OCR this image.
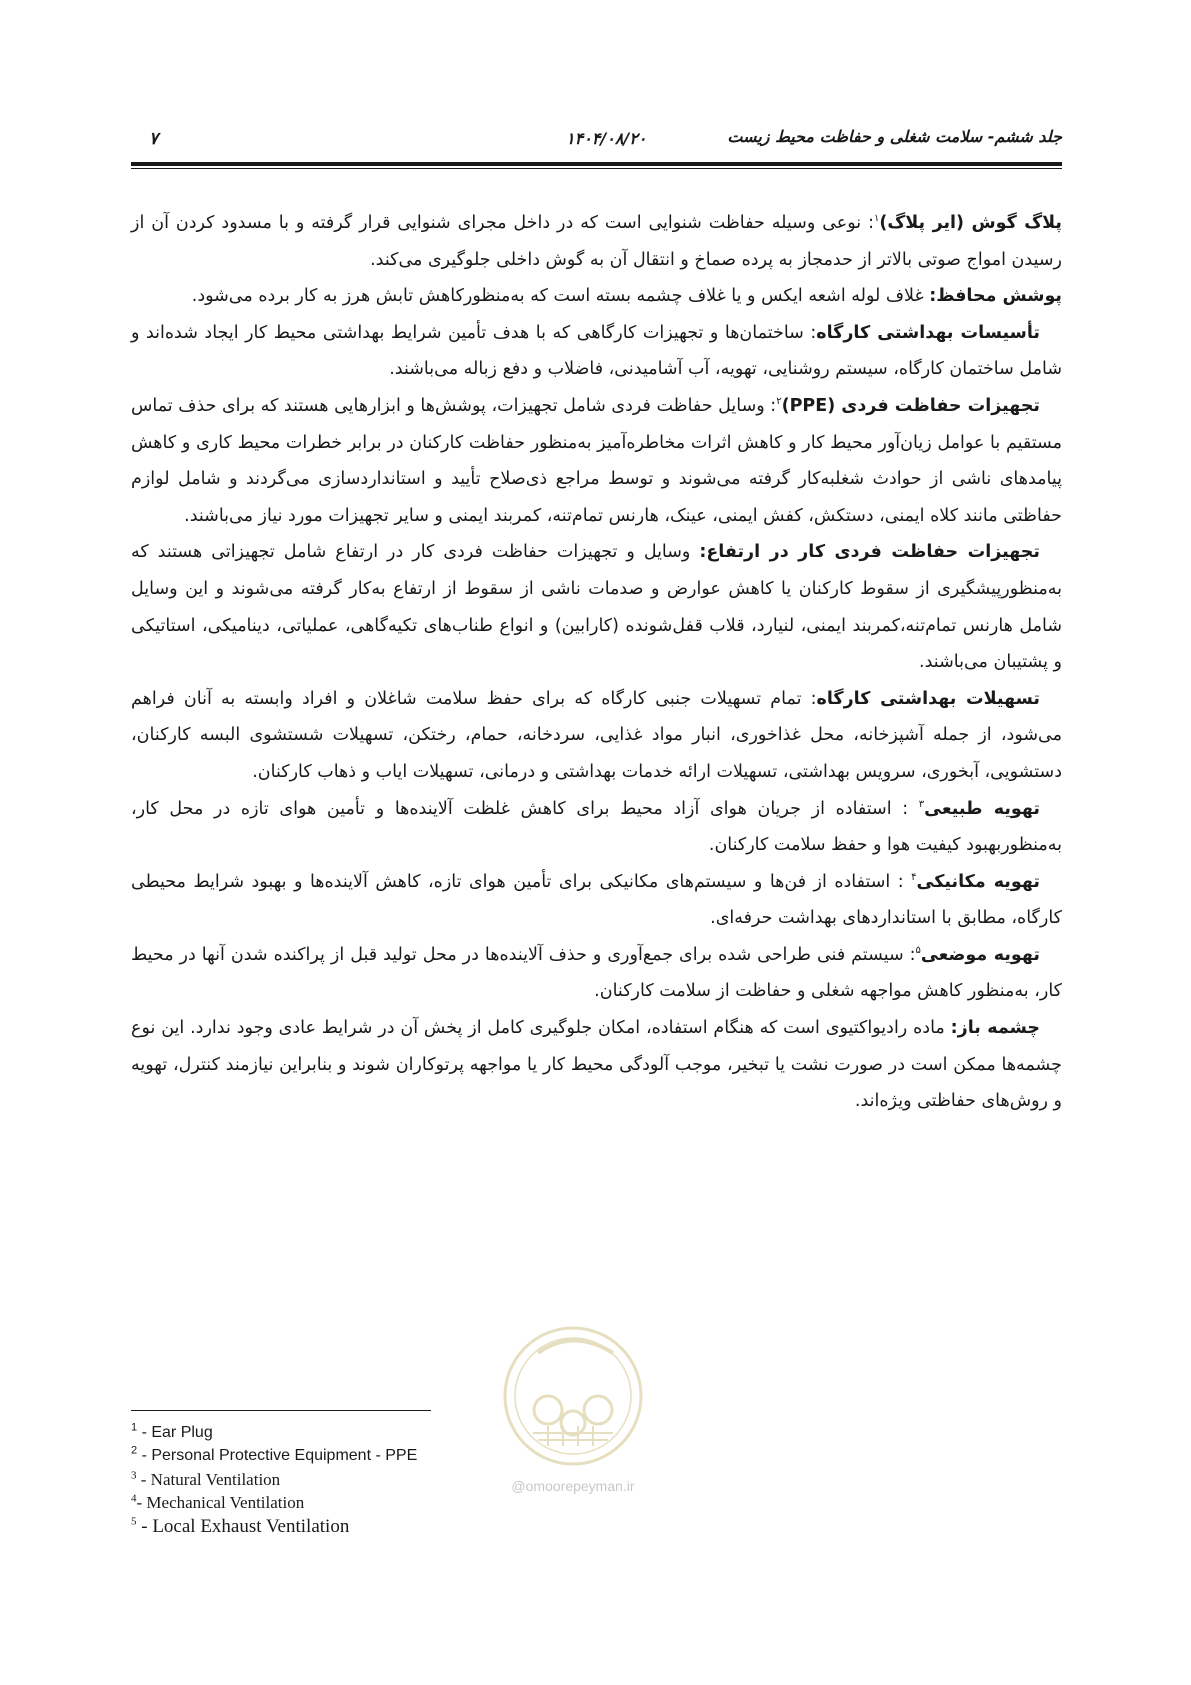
۷	۱۴۰۴/۰۸/۲۰	جلد ششم- سلامت شغلی و حفاظت محیط زیست

پلاگ گوش (ایر پلاگ)$^۱$: نوعی وسیله حفاظت شنوایی است که در داخل مجرای شنوایی قرار گرفته و با مسدود کردن آن از رسیدن امواج صوتی بالاتر از حدمجاز به پرده صماخ و انتقال آن به گوش داخلی جلوگیری می‌کند.

پوشش محافظ: غلاف لوله اشعه ایکس و یا غلاف چشمه بسته است که به‌منظورکاهش تابش هرز به کار برده می‌شود.

تأسیسات بهداشتی کارگاه: ساختمان‌ها و تجهیزات کارگاهی که با هدف تأمین شرایط بهداشتی محیط کار ایجاد شده‌اند و شامل ساختمان کارگاه، سیستم روشنایی، تهویه، آب آشامیدنی، فاضلاب و دفع زباله می‌باشند.

تجهیزات حفاظت فردی (PPE)$^۲$: وسایل حفاظت فردی شامل تجهیزات، پوشش‌ها و ابزارهایی هستند که برای حذف تماس مستقیم با عوامل زیان‌آور محیط کار و کاهش اثرات مخاطره‌آمیز به‌منظور حفاظت کارکنان در برابر خطرات محیط کاری و کاهش پیامدهای ناشی از حوادث شغلبه‌کار گرفته می‌شوند و توسط مراجع ذی‌صلاح تأیید و استانداردسازی می‌گردند و شامل لوازم حفاظتی مانند کلاه ایمنی، دستکش، کفش ایمنی، عینک، هارنس تمام‌تنه، کمربند ایمنی و سایر تجهیزات مورد نیاز می‌باشند.

تجهیزات حفاظت فردی کار در ارتفاع: وسایل و تجهیزات حفاظت فردی کار در ارتفاع شامل تجهیزاتی هستند که به‌منظورپیشگیری از سقوط کارکنان یا کاهش عوارض و صدمات ناشی از سقوط از ارتفاع به‌کار گرفته می‌شوند و این وسایل شامل هارنس تمام‌تنه،کمربند ایمنی، لنیارد، قلاب قفل‌شونده (کارابین) و انواع طناب‌های تکیه‌گاهی، عملیاتی، دینامیکی، استاتیکی و پشتیبان می‌باشند.

تسهیلات بهداشتی کارگاه: تمام تسهیلات جنبی کارگاه که برای حفظ سلامت شاغلان و افراد وابسته به آنان فراهم می‌شود، از جمله آشپزخانه، محل غذاخوری، انبار مواد غذایی، سردخانه، حمام، رختکن، تسهیلات شستشوی البسه کارکنان، دستشویی، آبخوری، سرویس بهداشتی، تسهیلات ارائه خدمات بهداشتی و درمانی، تسهیلات ایاب و ذهاب کارکنان.

تهویه طبیعی$^۳$ : استفاده از جریان هوای آزاد محیط برای کاهش غلظت آلاینده‌ها و تأمین هوای تازه در محل کار، به‌منظوربهبود کیفیت هوا و حفظ سلامت کارکنان.

تهویه مکانیکی$^۴$ : استفاده از فن‌ها و سیستم‌های مکانیکی برای تأمین هوای تازه، کاهش آلاینده‌ها و بهبود شرایط محیطی کارگاه، مطابق با استانداردهای بهداشت حرفه‌ای.

تهویه موضعی$^۵$: سیستم فنی طراحی شده برای جمع‌آوری و حذف آلاینده‌ها در محل تولید قبل از پراکنده شدن آنها در محیط کار، به‌منظور کاهش مواجهه شغلی و حفاظت از سلامت کارکنان.

چشمه باز: ماده رادیواکتیوی است که هنگام استفاده، امکان جلوگیری کامل از پخش آن در شرایط عادی وجود ندارد. این نوع چشمه‌ها ممکن است در صورت نشت یا تبخیر، موجب آلودگی محیط کار یا مواجهه پرتوکاران شوند و بنابراین نیازمند کنترل، تهویه و روش‌های حفاظتی ویژه‌اند.

@omoorepeyman.ir

$^1$ - Ear Plug

$^2$ - Personal Protective Equipment - PPE

$^3$ - Natural Ventilation

$^4$- Mechanical Ventilation

$^5$ - Local Exhaust Ventilation
